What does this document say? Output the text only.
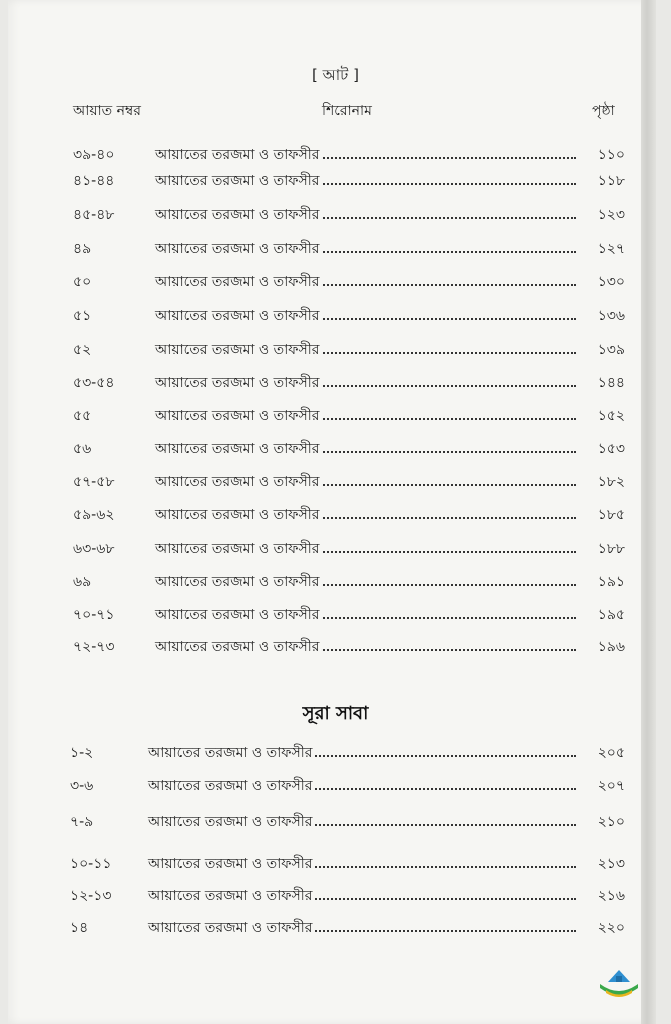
[ আট ]
আয়াত নম্বর	শিরোনাম	পৃষ্ঠা
৩৯-৪০	আয়াতের তরজমা ও তাফসীর	১১০
৪১-৪৪	আয়াতের তরজমা ও তাফসীর	১১৮
৪৫-৪৮	আয়াতের তরজমা ও তাফসীর	১২৩
৪৯	আয়াতের তরজমা ও তাফসীর	১২৭
৫০	আয়াতের তরজমা ও তাফসীর	১৩০
৫১	আয়াতের তরজমা ও তাফসীর	১৩৬
৫২	আয়াতের তরজমা ও তাফসীর	১৩৯
৫৩-৫৪	আয়াতের তরজমা ও তাফসীর	১৪৪
৫৫	আয়াতের তরজমা ও তাফসীর	১৫২
৫৬	আয়াতের তরজমা ও তাফসীর	১৫৩
৫৭-৫৮	আয়াতের তরজমা ও তাফসীর	১৮২
৫৯-৬২	আয়াতের তরজমা ও তাফসীর	১৮৫
৬৩-৬৮	আয়াতের তরজমা ও তাফসীর	১৮৮
৬৯	আয়াতের তরজমা ও তাফসীর	১৯১
৭০-৭১	আয়াতের তরজমা ও তাফসীর	১৯৫
৭২-৭৩	আয়াতের তরজমা ও তাফসীর	১৯৬
সূরা সাবা
১-২	আয়াতের তরজমা ও তাফসীর	২০৫
৩-৬	আয়াতের তরজমা ও তাফসীর	২০৭
৭-৯	আয়াতের তরজমা ও তাফসীর	২১০
১০-১১	আয়াতের তরজমা ও তাফসীর	২১৩
১২-১৩	আয়াতের তরজমা ও তাফসীর	২১৬
১৪	আয়াতের তরজমা ও তাফসীর	২২০
